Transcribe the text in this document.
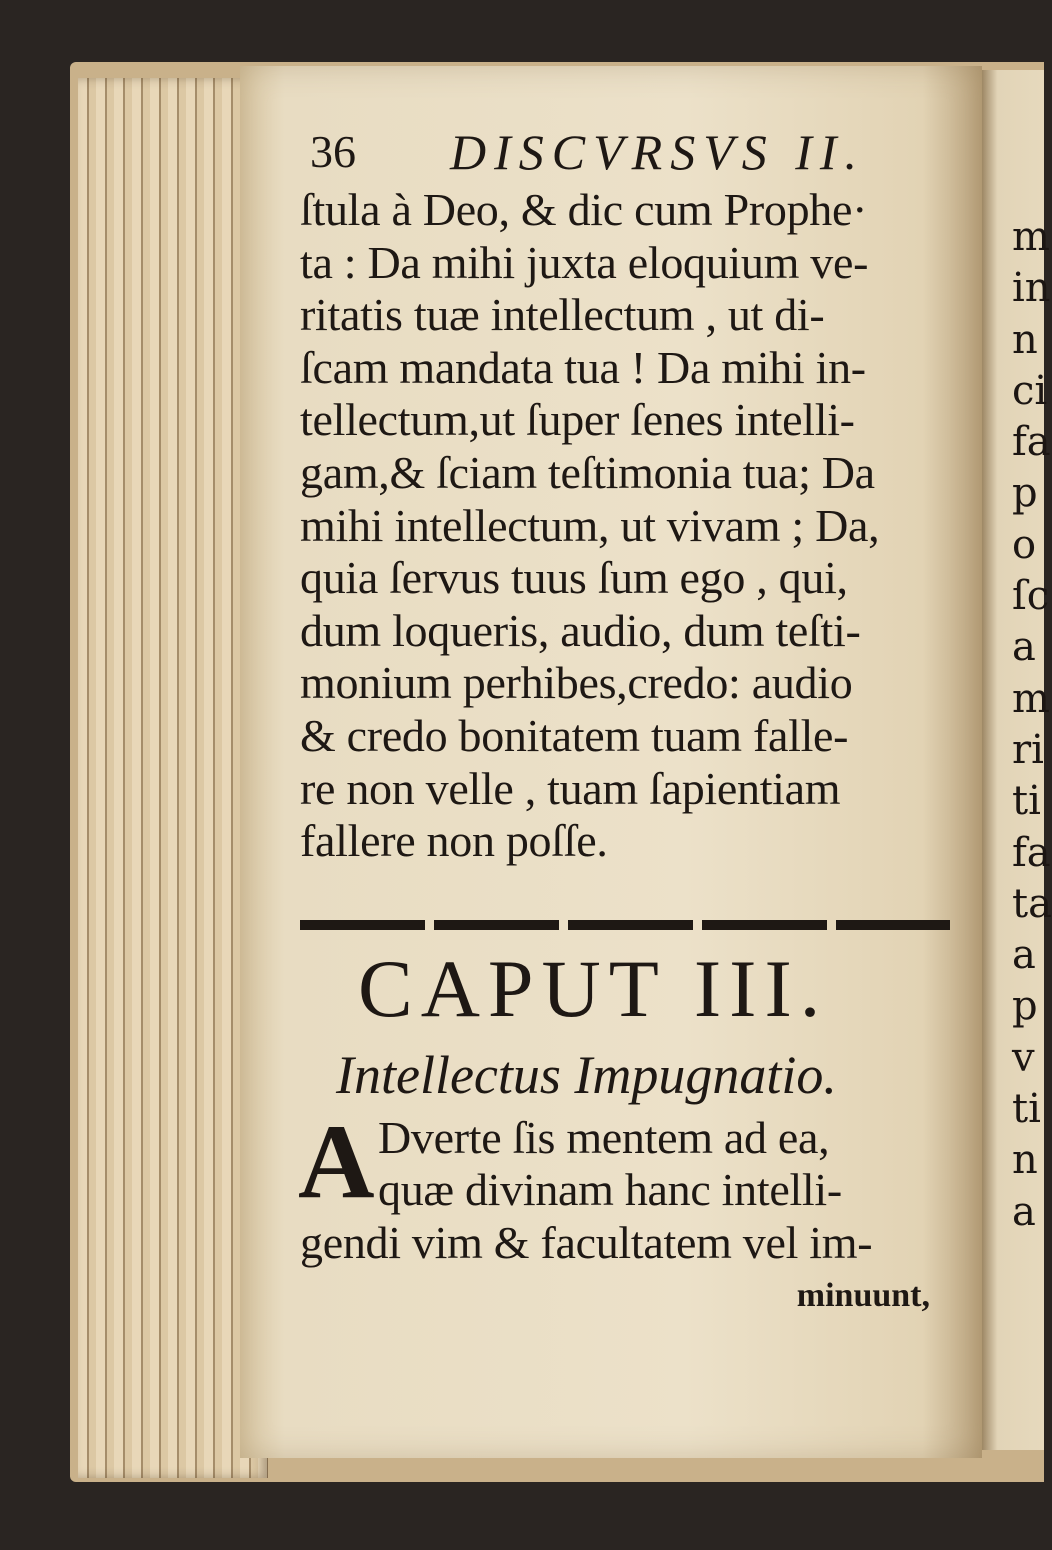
m
in
n
ci
fa
p
o
ſc
a
m
ri
ti
fa
ta
a
p
v
ti
n
a
36 DISCVRSVS II.
ſtula à Deo, & dic cum Prophe·
ta : Da mihi juxta eloquium ve-
ritatis tuæ intellectum , ut di-
ſcam mandata tua ! Da mihi in-
tellectum,ut ſuper ſenes intelli-
gam,& ſciam teſtimonia tua; Da
mihi intellectum, ut vivam ; Da,
quia ſervus tuus ſum ego , qui,
dum loqueris, audio, dum teſti-
monium perhibes,credo: audio
& credo bonitatem tuam falle-
re non velle , tuam ſapientiam
fallere non poſſe.
CAPUT III.
Intellectus Impugnatio.
A Dverte ſis mentem ad ea,
quæ divinam hanc intelli-
gendi vim & facultatem vel im-
minuunt,
